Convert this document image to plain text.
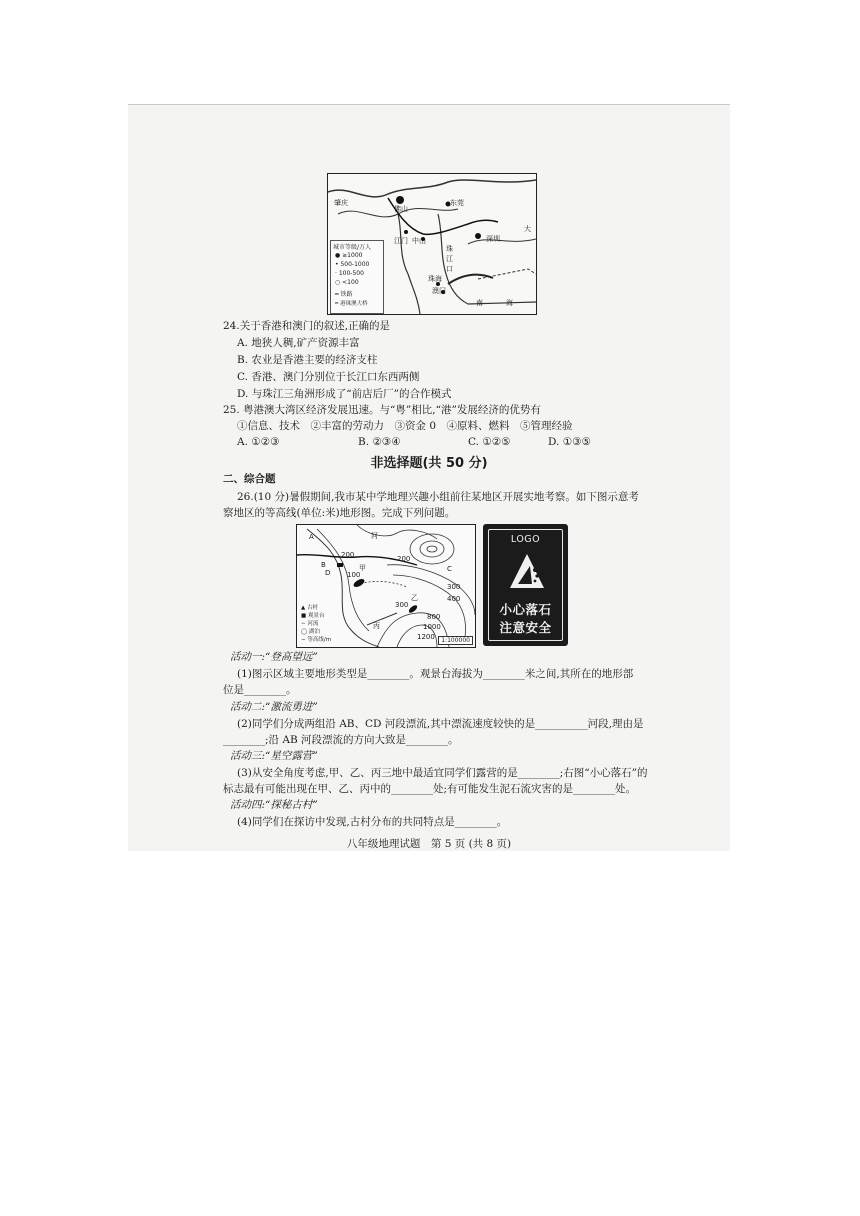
肇庆
佛山
东莞
江门 中山
珠
江
口
深圳
珠海
澳门
南	海
大
城市等级/万人
● ≥1000
• 500-1000
· 100-500
○ <100
━ 铁路
═ 港珠澳大桥
24.关于香港和澳门的叙述,正确的是
A. 地狭人稠,矿产资源丰富
B. 农业是香港主要的经济支柱
C. 香港、澳门分别位于长江口东西两侧
D. 与珠江三角洲形成了“前店后厂”的合作模式
25. 粤港澳大湾区经济发展迅速。与“粤”相比,“港”发展经济的优势有
①信息、技术　②丰富的劳动力　③资金 0　④原料、燃料　⑤管理经验
A. ①②③	B. ②③④	C. ①②⑤	D. ①③⑤
非选择题(共 50 分)
二、综合题
26.(10 分)暑假期间,我市某中学地理兴趣小组前往某地区开展实地考察。如下图示意考
察地区的等高线(单位:米)地形图。完成下列问题。
A	河
B	C
D
甲
乙
丙
200
100
200
300
400
800
1000
1200
300
▲ 古村
■ 观景台
∼ 河流
◯ 湖泊
− 等高线/m	1:100000
LOGO
小心落石
注意安全
活动一:“登高望远”
(1)图示区域主要地形类型是________。观景台海拔为________米之间,其所在的地形部
位是________。
活动二:“激流勇进”
(2)同学们分成两组沿 AB、CD 河段漂流,其中漂流速度较快的是__________河段,理由是
________;沿 AB 河段漂流的方向大致是________。
活动三:“星空露营”
(3)从安全角度考虑,甲、乙、丙三地中最适宜同学们露营的是________;右图“小心落石”的
标志最有可能出现在甲、乙、丙中的________处;有可能发生泥石流灾害的是________处。
活动四:“探秘古村”
(4)同学们在探访中发现,古村分布的共同特点是________。
八年级地理试题　第 5 页 (共 8 页)
